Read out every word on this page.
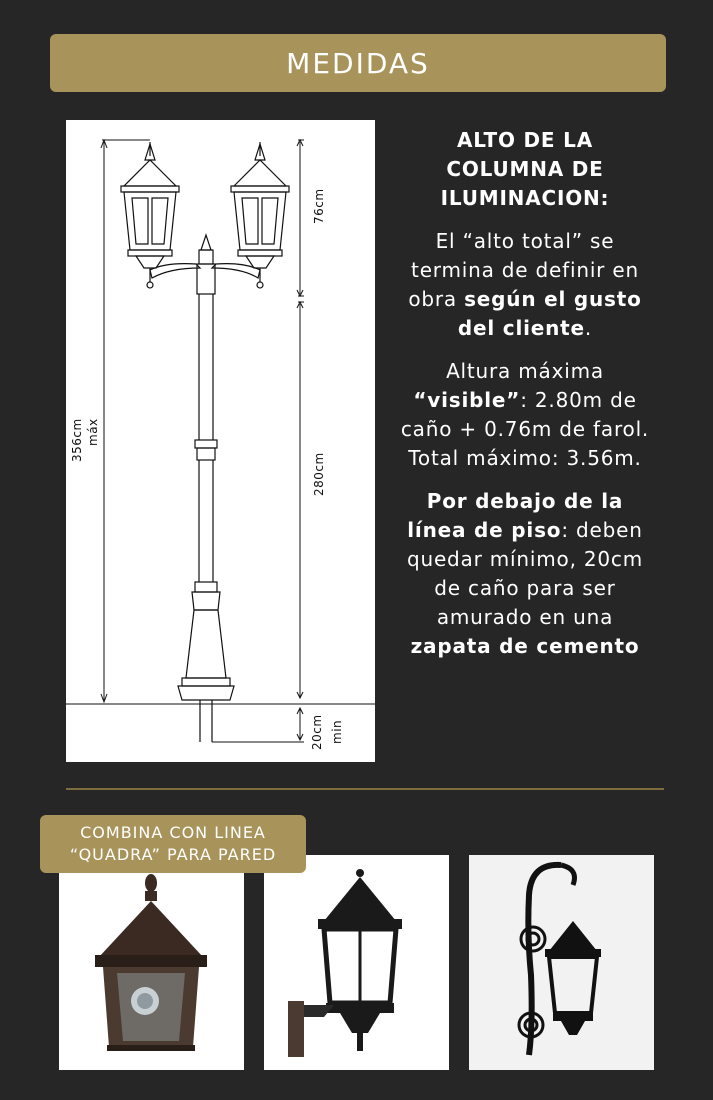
MEDIDAS
76cm
280cm
356cm máx
20cm min
ALTO DE LA COLUMNA DE ILUMINACION:

El “alto total” se termina de definir en obra según el gusto del cliente.

Altura máxima “visible”: 2.80m de caño + 0.76m de farol.
Total máximo: 3.56m.

Por debajo de la línea de piso: deben quedar mínimo, 20cm de caño para ser amurado en una zapata de cemento

COMBINA CON LINEA
“QUADRA” PARA PARED
